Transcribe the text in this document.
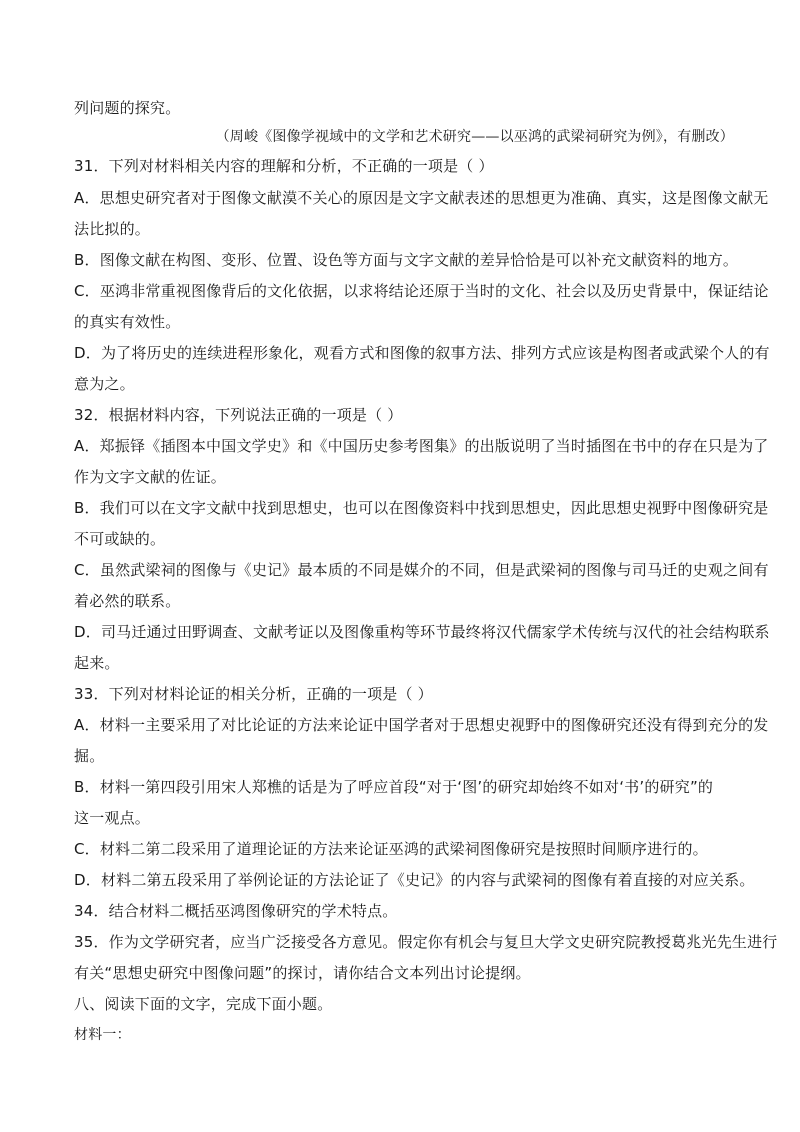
列问题的探究。
（周峻《图像学视域中的文学和艺术研究——以巫鸿的武梁祠研究为例》，有删改）
31．下列对材料相关内容的理解和分析，不正确的一项是（ ）
A．思想史研究者对于图像文献漠不关心的原因是文字文献表述的思想更为准确、真实，这是图像文献无
法比拟的。
B．图像文献在构图、变形、位置、设色等方面与文字文献的差异恰恰是可以补充文献资料的地方。
C．巫鸿非常重视图像背后的文化依据，以求将结论还原于当时的文化、社会以及历史背景中，保证结论
的真实有效性。
D．为了将历史的连续进程形象化，观看方式和图像的叙事方法、排列方式应该是构图者或武梁个人的有
意为之。
32．根据材料内容，下列说法正确的一项是（ ）
A．郑振铎《插图本中国文学史》和《中国历史参考图集》的出版说明了当时插图在书中的存在只是为了
作为文字文献的佐证。
B．我们可以在文字文献中找到思想史，也可以在图像资料中找到思想史，因此思想史视野中图像研究是
不可或缺的。
C．虽然武梁祠的图像与《史记》最本质的不同是媒介的不同，但是武梁祠的图像与司马迁的史观之间有
着必然的联系。
D．司马迁通过田野调查、文献考证以及图像重构等环节最终将汉代儒家学术传统与汉代的社会结构联系
起来。
33．下列对材料论证的相关分析，正确的一项是（ ）
A．材料一主要采用了对比论证的方法来论证中国学者对于思想史视野中的图像研究还没有得到充分的发
掘。
B．材料一第四段引用宋人郑樵的话是为了呼应首段“对于‘图’的研究却始终不如对‘书’的研究”的
这一观点。
C．材料二第二段采用了道理论证的方法来论证巫鸿的武梁祠图像研究是按照时间顺序进行的。
D．材料二第五段采用了举例论证的方法论证了《史记》的内容与武梁祠的图像有着直接的对应关系。
34．结合材料二概括巫鸿图像研究的学术特点。
35．作为文学研究者，应当广泛接受各方意见。假定你有机会与复旦大学文史研究院教授葛兆光先生进行
有关“思想史研究中图像问题”的探讨，请你结合文本列出讨论提纲。
八、阅读下面的文字，完成下面小题。
材料一：
